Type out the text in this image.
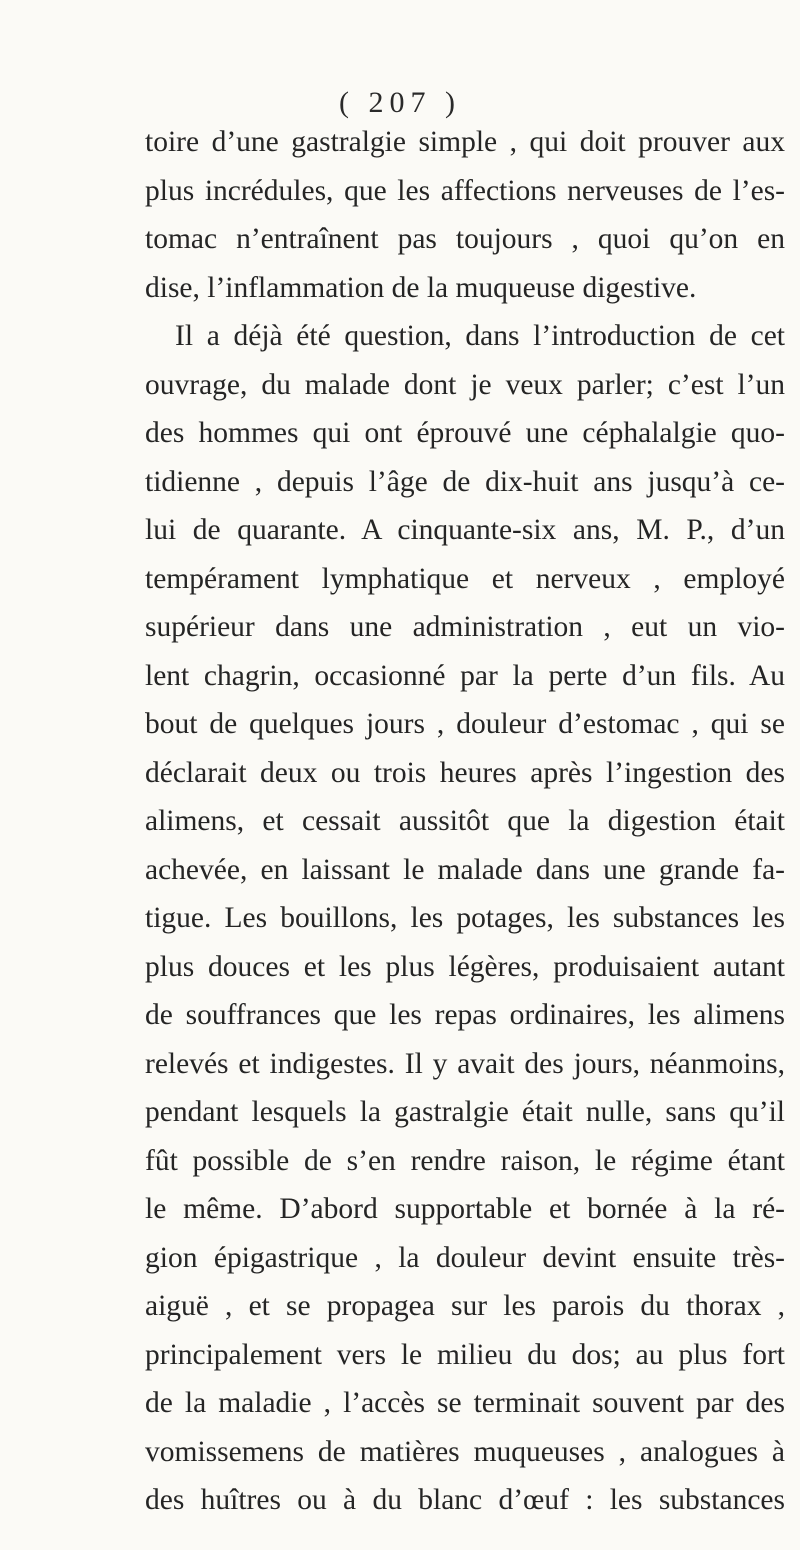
( 207 )
toire d’une gastralgie simple , qui doit prouver aux
plus incrédules, que les affections nerveuses de l’es-
tomac n’entraînent pas toujours , quoi qu’on en
dise, l’inflammation de la muqueuse digestive.
Il a déjà été question, dans l’introduction de cet
ouvrage, du malade dont je veux parler; c’est l’un
des hommes qui ont éprouvé une céphalalgie quo-
tidienne , depuis l’âge de dix-huit ans jusqu’à ce-
lui de quarante. A cinquante-six ans, M. P., d’un
tempérament lymphatique et nerveux , employé
supérieur dans une administration , eut un vio-
lent chagrin, occasionné par la perte d’un fils. Au
bout de quelques jours , douleur d’estomac , qui se
déclarait deux ou trois heures après l’ingestion des
alimens, et cessait aussitôt que la digestion était
achevée, en laissant le malade dans une grande fa-
tigue. Les bouillons, les potages, les substances les
plus douces et les plus légères, produisaient autant
de souffrances que les repas ordinaires, les alimens
relevés et indigestes. Il y avait des jours, néanmoins,
pendant lesquels la gastralgie était nulle, sans qu’il
fût possible de s’en rendre raison, le régime étant
le même. D’abord supportable et bornée à la ré-
gion épigastrique , la douleur devint ensuite très-
aiguë , et se propagea sur les parois du thorax ,
principalement vers le milieu du dos; au plus fort
de la maladie , l’accès se terminait souvent par des
vomissemens de matières muqueuses , analogues à
des huîtres ou à du blanc d’œuf : les substances
